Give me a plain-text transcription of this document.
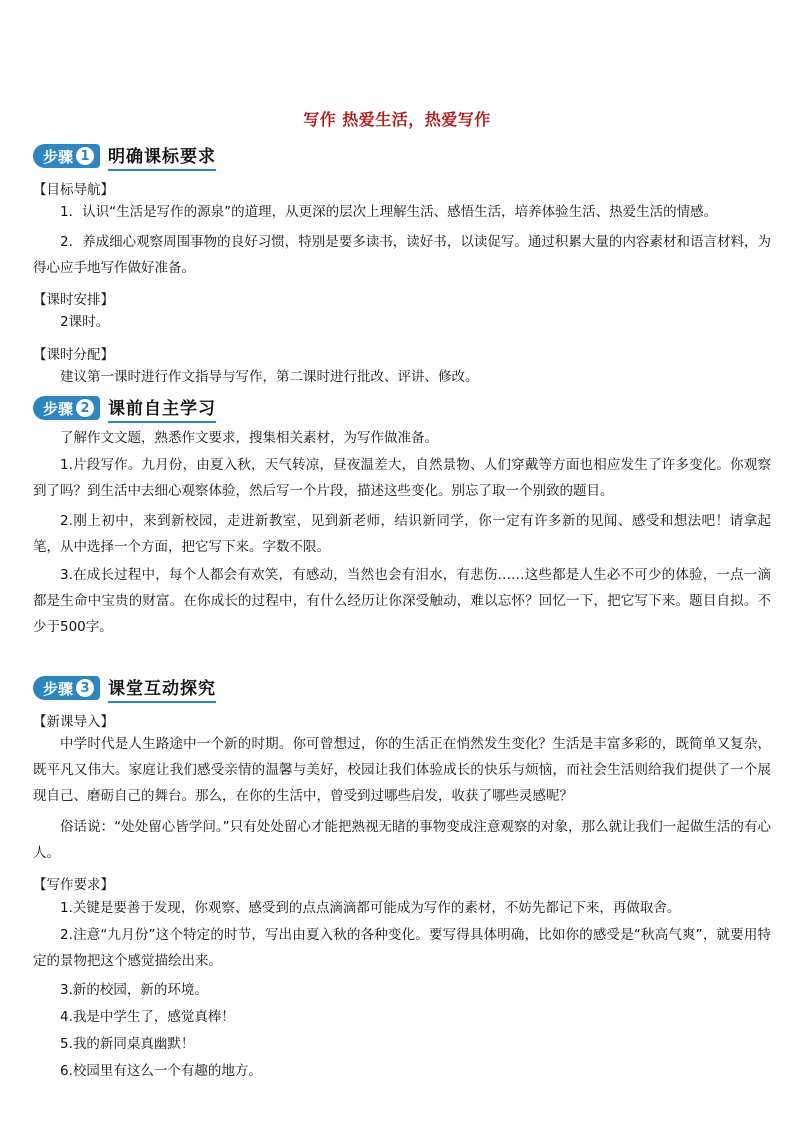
写作 热爱生活，热爱写作
步骤 1 明确课标要求
【目标导航】
1．认识“生活是写作的源泉”的道理，从更深的层次上理解生活、感悟生活，培养体验生活、热爱生活的情感。
2．养成细心观察周围事物的良好习惯，特别是要多读书，读好书，以读促写。通过积累大量的内容素材和语言材料，为得心应手地写作做好准备。
【课时安排】
2课时。
【课时分配】
建议第一课时进行作文指导与写作，第二课时进行批改、评讲、修改。
步骤 2 课前自主学习
了解作文文题，熟悉作文要求，搜集相关素材，为写作做准备。
1.片段写作。九月份，由夏入秋，天气转凉，昼夜温差大，自然景物、人们穿戴等方面也相应发生了许多变化。你观察到了吗？到生活中去细心观察体验，然后写一个片段，描述这些变化。别忘了取一个别致的题目。
2.刚上初中，来到新校园，走进新教室，见到新老师，结识新同学，你一定有许多新的见闻、感受和想法吧！请拿起笔，从中选择一个方面，把它写下来。字数不限。
3.在成长过程中，每个人都会有欢笑，有感动，当然也会有泪水，有悲伤……这些都是人生必不可少的体验，一点一滴都是生命中宝贵的财富。在你成长的过程中，有什么经历让你深受触动，难以忘怀？回忆一下，把它写下来。题目自拟。不少于500字。
步骤 3 课堂互动探究
【新课导入】
中学时代是人生路途中一个新的时期。你可曾想过，你的生活正在悄然发生变化？生活是丰富多彩的，既简单又复杂，既平凡又伟大。家庭让我们感受亲情的温馨与美好，校园让我们体验成长的快乐与烦恼，而社会生活则给我们提供了一个展现自己、磨砺自己的舞台。那么，在你的生活中，曾受到过哪些启发，收获了哪些灵感呢？
俗话说：“处处留心皆学问。”只有处处留心才能把熟视无睹的事物变成注意观察的对象，那么就让我们一起做生活的有心人。
【写作要求】
1.关键是要善于发现，你观察、感受到的点点滴滴都可能成为写作的素材，不妨先都记下来，再做取舍。
2.注意“九月份”这个特定的时节，写出由夏入秋的各种变化。要写得具体明确，比如你的感受是“秋高气爽”，就要用特定的景物把这个感觉描绘出来。
3.新的校园，新的环境。
4.我是中学生了，感觉真棒！
5.我的新同桌真幽默！
6.校园里有这么一个有趣的地方。
